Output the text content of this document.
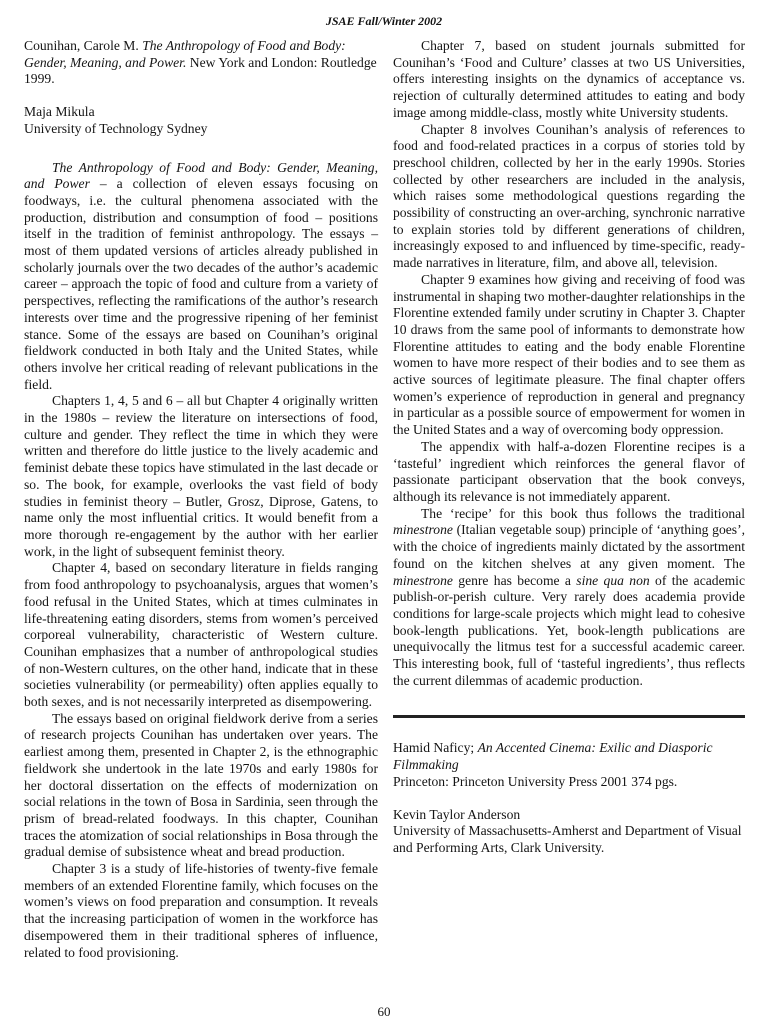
JSAE Fall/Winter 2002

Counihan, Carole M. The Anthropology of Food and Body: Gender, Meaning, and Power. New York and London: Routledge 1999.

Maja Mikula

University of Technology Sydney

The Anthropology of Food and Body: Gender, Meaning, and Power – a collection of eleven essays focusing on foodways, i.e. the cultural phenomena associated with the production, distribution and consumption of food – positions itself in the tradition of feminist anthropology. The essays – most of them updated versions of articles already published in scholarly journals over the two decades of the author’s academic career – approach the topic of food and culture from a variety of perspectives, reflecting the ramifications of the author’s research interests over time and the progressive ripening of her feminist stance. Some of the essays are based on Counihan’s original fieldwork conducted in both Italy and the United States, while others involve her critical reading of relevant publications in the field.

Chapters 1, 4, 5 and 6 – all but Chapter 4 originally written in the 1980s – review the literature on intersections of food, culture and gender. They reflect the time in which they were written and therefore do little justice to the lively academic and feminist debate these topics have stimulated in the last decade or so. The book, for example, overlooks the vast field of body studies in feminist theory – Butler, Grosz, Diprose, Gatens, to name only the most influential critics. It would benefit from a more thorough re-engagement by the author with her earlier work, in the light of subsequent feminist theory.

Chapter 4, based on secondary literature in fields ranging from food anthropology to psychoanalysis, argues that women’s food refusal in the United States, which at times culminates in life-threatening eating disorders, stems from women’s perceived corporeal vulnerability, characteristic of Western culture. Counihan emphasizes that a number of anthropological studies of non-Western cultures, on the other hand, indicate that in these societies vulnerability (or permeability) often applies equally to both sexes, and is not necessarily interpreted as disempowering.

The essays based on original fieldwork derive from a series of research projects Counihan has undertaken over years. The earliest among them, presented in Chapter 2, is the ethnographic fieldwork she undertook in the late 1970s and early 1980s for her doctoral dissertation on the effects of modernization on social relations in the town of Bosa in Sardinia, seen through the prism of bread-related foodways. In this chapter, Counihan traces the atomization of social relationships in Bosa through the gradual demise of subsistence wheat and bread production.

Chapter 3 is a study of life-histories of twenty-five female members of an extended Florentine family, which focuses on the women’s views on food preparation and consumption. It reveals that the increasing participation of women in the workforce has disempowered them in their traditional spheres of influence, related to food provisioning.

Chapter 7, based on student journals submitted for Counihan’s ‘Food and Culture’ classes at two US Universities, offers interesting insights on the dynamics of acceptance vs. rejection of culturally determined attitudes to eating and body image among middle-class, mostly white University students.

Chapter 8 involves Counihan’s analysis of references to food and food-related practices in a corpus of stories told by preschool children, collected by her in the early 1990s. Stories collected by other researchers are included in the analysis, which raises some methodological questions regarding the possibility of constructing an over-arching, synchronic narrative to explain stories told by different generations of children, increasingly exposed to and influenced by time-specific, ready-made narratives in literature, film, and above all, television.

Chapter 9 examines how giving and receiving of food was instrumental in shaping two mother-daughter relationships in the Florentine extended family under scrutiny in Chapter 3. Chapter 10 draws from the same pool of informants to demonstrate how Florentine attitudes to eating and the body enable Florentine women to have more respect of their bodies and to see them as active sources of legitimate pleasure. The final chapter offers women’s experience of reproduction in general and pregnancy in particular as a possible source of empowerment for women in the United States and a way of overcoming body oppression.

The appendix with half-a-dozen Florentine recipes is a ‘tasteful’ ingredient which reinforces the general flavor of passionate participant observation that the book conveys, although its relevance is not immediately apparent.

The ‘recipe’ for this book thus follows the traditional minestrone (Italian vegetable soup) principle of ‘anything goes’, with the choice of ingredients mainly dictated by the assortment found on the kitchen shelves at any given moment. The minestrone genre has become a sine qua non of the academic publish-or-perish culture. Very rarely does academia provide conditions for large-scale projects which might lead to cohesive book-length publications. Yet, book-length publications are unequivocally the litmus test for a successful academic career. This interesting book, full of ‘tasteful ingredients’, thus reflects the current dilemmas of academic production.

Hamid Naficy; An Accented Cinema: Exilic and Diasporic Filmmaking

Princeton: Princeton University Press 2001 374 pgs.

Kevin Taylor Anderson

University of Massachusetts-Amherst and Department of Visual and Performing Arts, Clark University.

60
